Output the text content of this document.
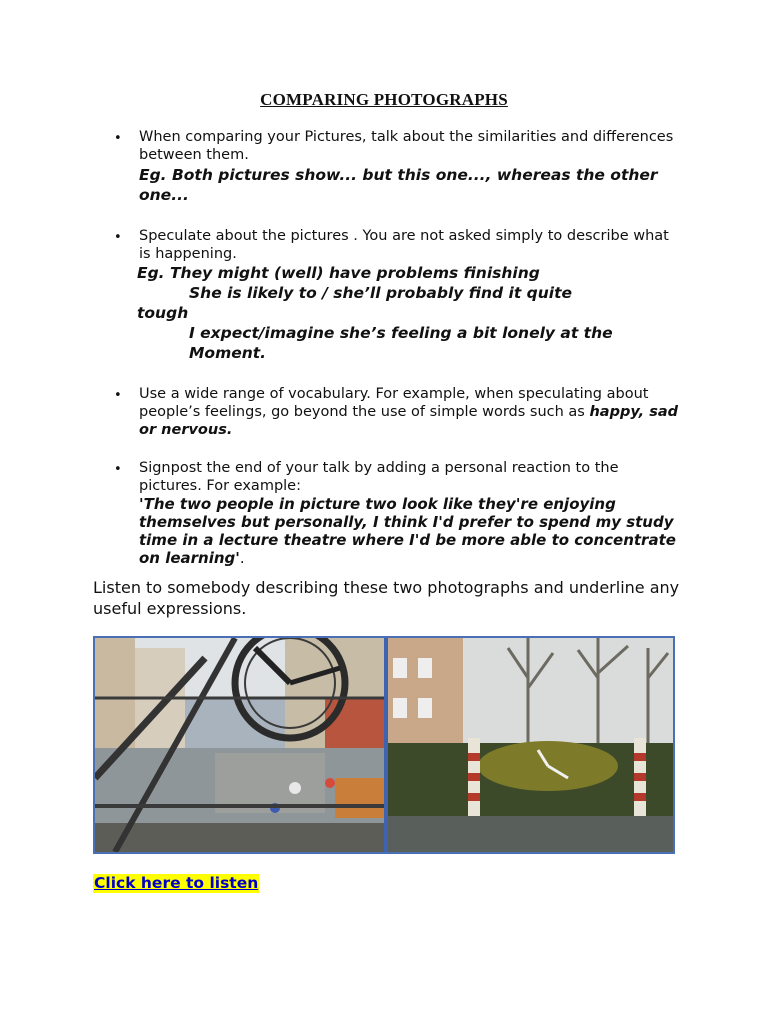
COMPARING PHOTOGRAPHS
• When comparing your Pictures, talk about the similarities and differences between them.

Eg. Both pictures show... but this one..., whereas the other one...

• Speculate about the pictures . You are not asked simply to describe what is happening.

Eg. They might (well) have problems finishing

She is likely to / she’ll probably find it quite

tough

I expect/imagine she’s feeling a bit lonely at the

Moment.

• Use a wide range of vocabulary. For example, when speculating about people’s feelings, go beyond the use of simple words such as happy, sad or nervous.

• Signpost the end of your talk by adding a personal reaction to the pictures. For example:

'The two people in picture two look like they're enjoying themselves but personally, I think I'd prefer to spend my study time in a lecture theatre where I'd be more able to concentrate on learning'.

Listen to somebody describing these two photographs and underline any useful expressions.
Click here to listen
